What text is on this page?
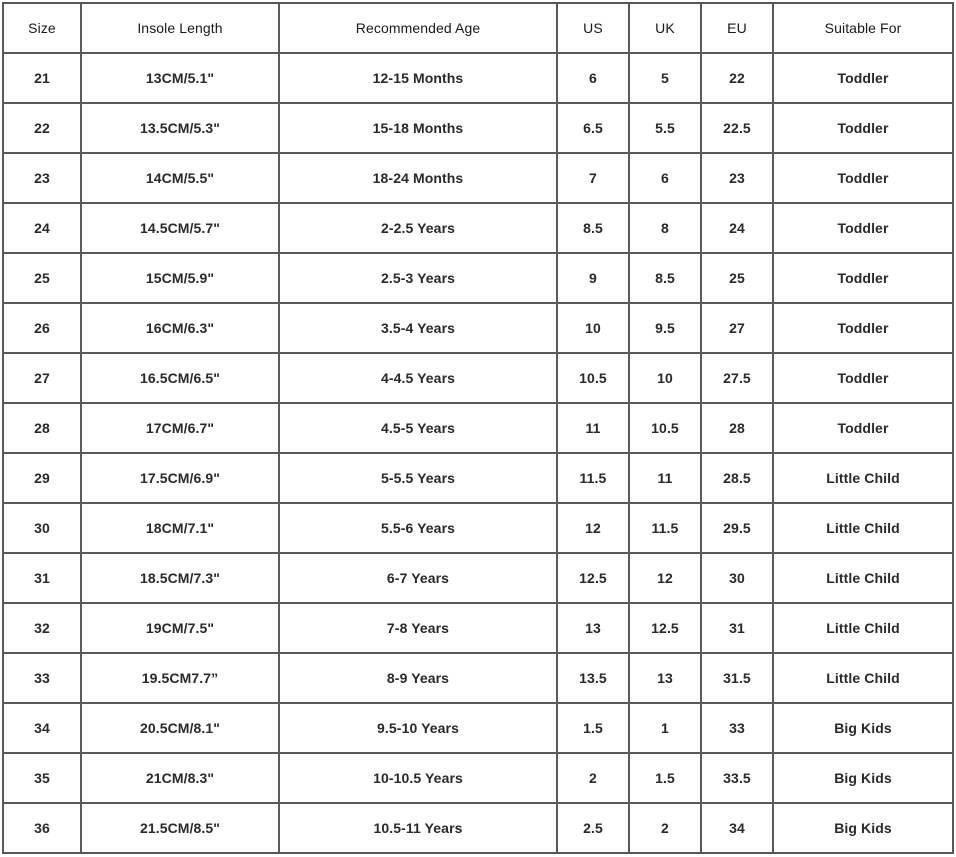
Size	Insole Length	Recommended Age	US	UK	EU	Suitable For
21	13CM/5.1"	12-15 Months	6	5	22	Toddler
22	13.5CM/5.3"	15-18 Months	6.5	5.5	22.5	Toddler
23	14CM/5.5"	18-24 Months	7	6	23	Toddler
24	14.5CM/5.7"	2-2.5 Years	8.5	8	24	Toddler
25	15CM/5.9"	2.5-3 Years	9	8.5	25	Toddler
26	16CM/6.3"	3.5-4 Years	10	9.5	27	Toddler
27	16.5CM/6.5"	4-4.5 Years	10.5	10	27.5	Toddler
28	17CM/6.7"	4.5-5 Years	11	10.5	28	Toddler
29	17.5CM/6.9"	5-5.5 Years	11.5	11	28.5	Little Child
30	18CM/7.1"	5.5-6 Years	12	11.5	29.5	Little Child
31	18.5CM/7.3"	6-7 Years	12.5	12	30	Little Child
32	19CM/7.5"	7-8 Years	13	12.5	31	Little Child
33	19.5CM7.7”	8-9 Years	13.5	13	31.5	Little Child
34	20.5CM/8.1"	9.5-10 Years	1.5	1	33	Big Kids
35	21CM/8.3"	10-10.5 Years	2	1.5	33.5	Big Kids
36	21.5CM/8.5"	10.5-11 Years	2.5	2	34	Big Kids
